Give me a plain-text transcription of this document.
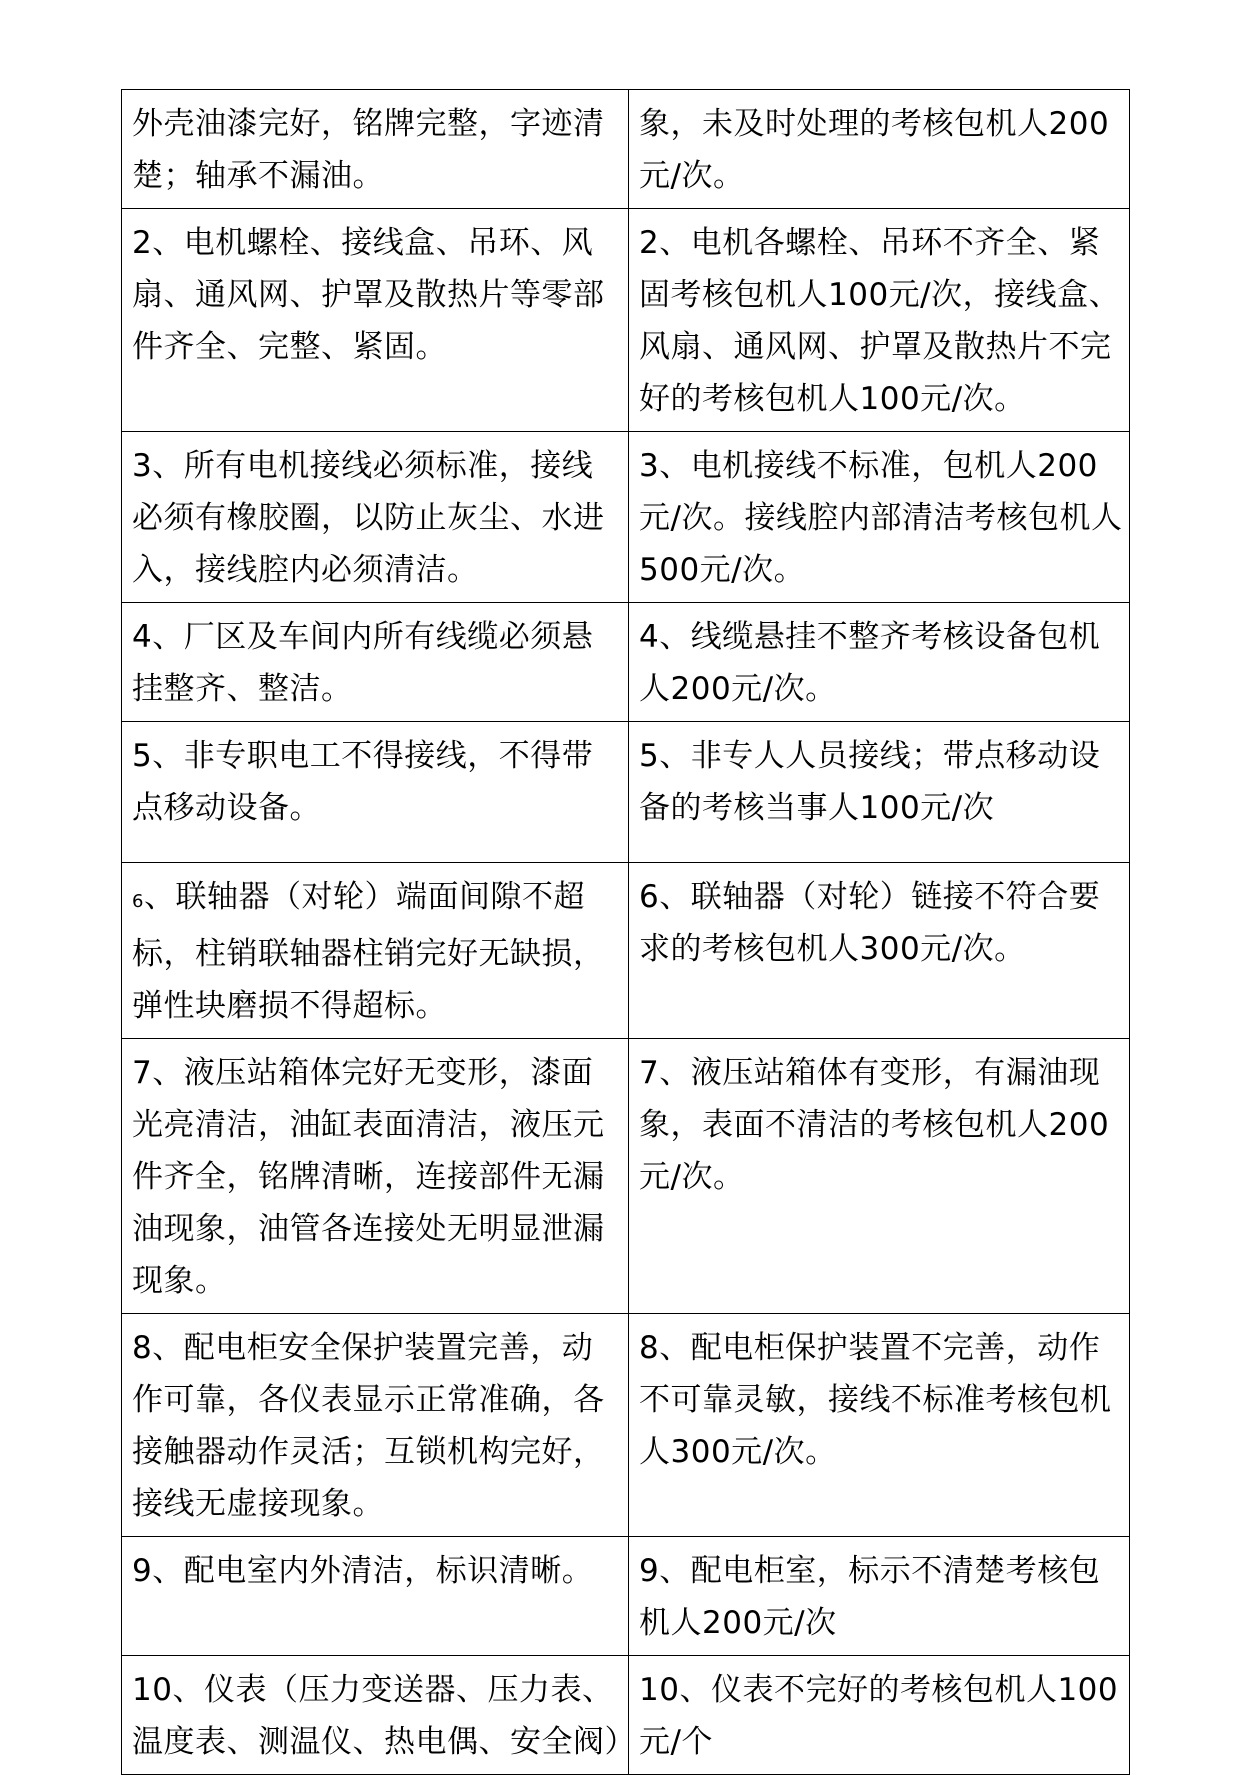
外壳油漆完好，铭牌完整，字迹清楚；轴承不漏油。	象，未及时处理的考核包机人200元/次。
2、电机螺栓、接线盒、吊环、风扇、通风网、护罩及散热片等零部件齐全、完整、紧固。	2、电机各螺栓、吊环不齐全、紧固考核包机人100元/次，接线盒、风扇、通风网、护罩及散热片不完好的考核包机人100元/次。
3、所有电机接线必须标准，接线必须有橡胶圈，以防止灰尘、水进入，接线腔内必须清洁。	3、电机接线不标准，包机人200元/次。接线腔内部清洁考核包机人500元/次。
4、厂区及车间内所有线缆必须悬挂整齐、整洁。	4、线缆悬挂不整齐考核设备包机人200元/次。
5、非专职电工不得接线，不得带点移动设备。	5、非专人人员接线；带点移动设备的考核当事人100元/次
6、联轴器（对轮）端面间隙不超标，柱销联轴器柱销完好无缺损，弹性块磨损不得超标。	6、联轴器（对轮）链接不符合要求的考核包机人300元/次。
7、液压站箱体完好无变形，漆面光亮清洁，油缸表面清洁，液压元件齐全，铭牌清晰，连接部件无漏油现象，油管各连接处无明显泄漏现象。	7、液压站箱体有变形，有漏油现象，表面不清洁的考核包机人200元/次。
8、配电柜安全保护装置完善，动作可靠，各仪表显示正常准确，各接触器动作灵活；互锁机构完好，接线无虚接现象。	8、配电柜保护装置不完善，动作不可靠灵敏，接线不标准考核包机人300元/次。
9、配电室内外清洁，标识清晰。	9、配电柜室，标示不清楚考核包机人200元/次
10、仪表（压力变送器、压力表、温度表、测温仪、热电偶、安全阀）	10、仪表不完好的考核包机人100元/个
